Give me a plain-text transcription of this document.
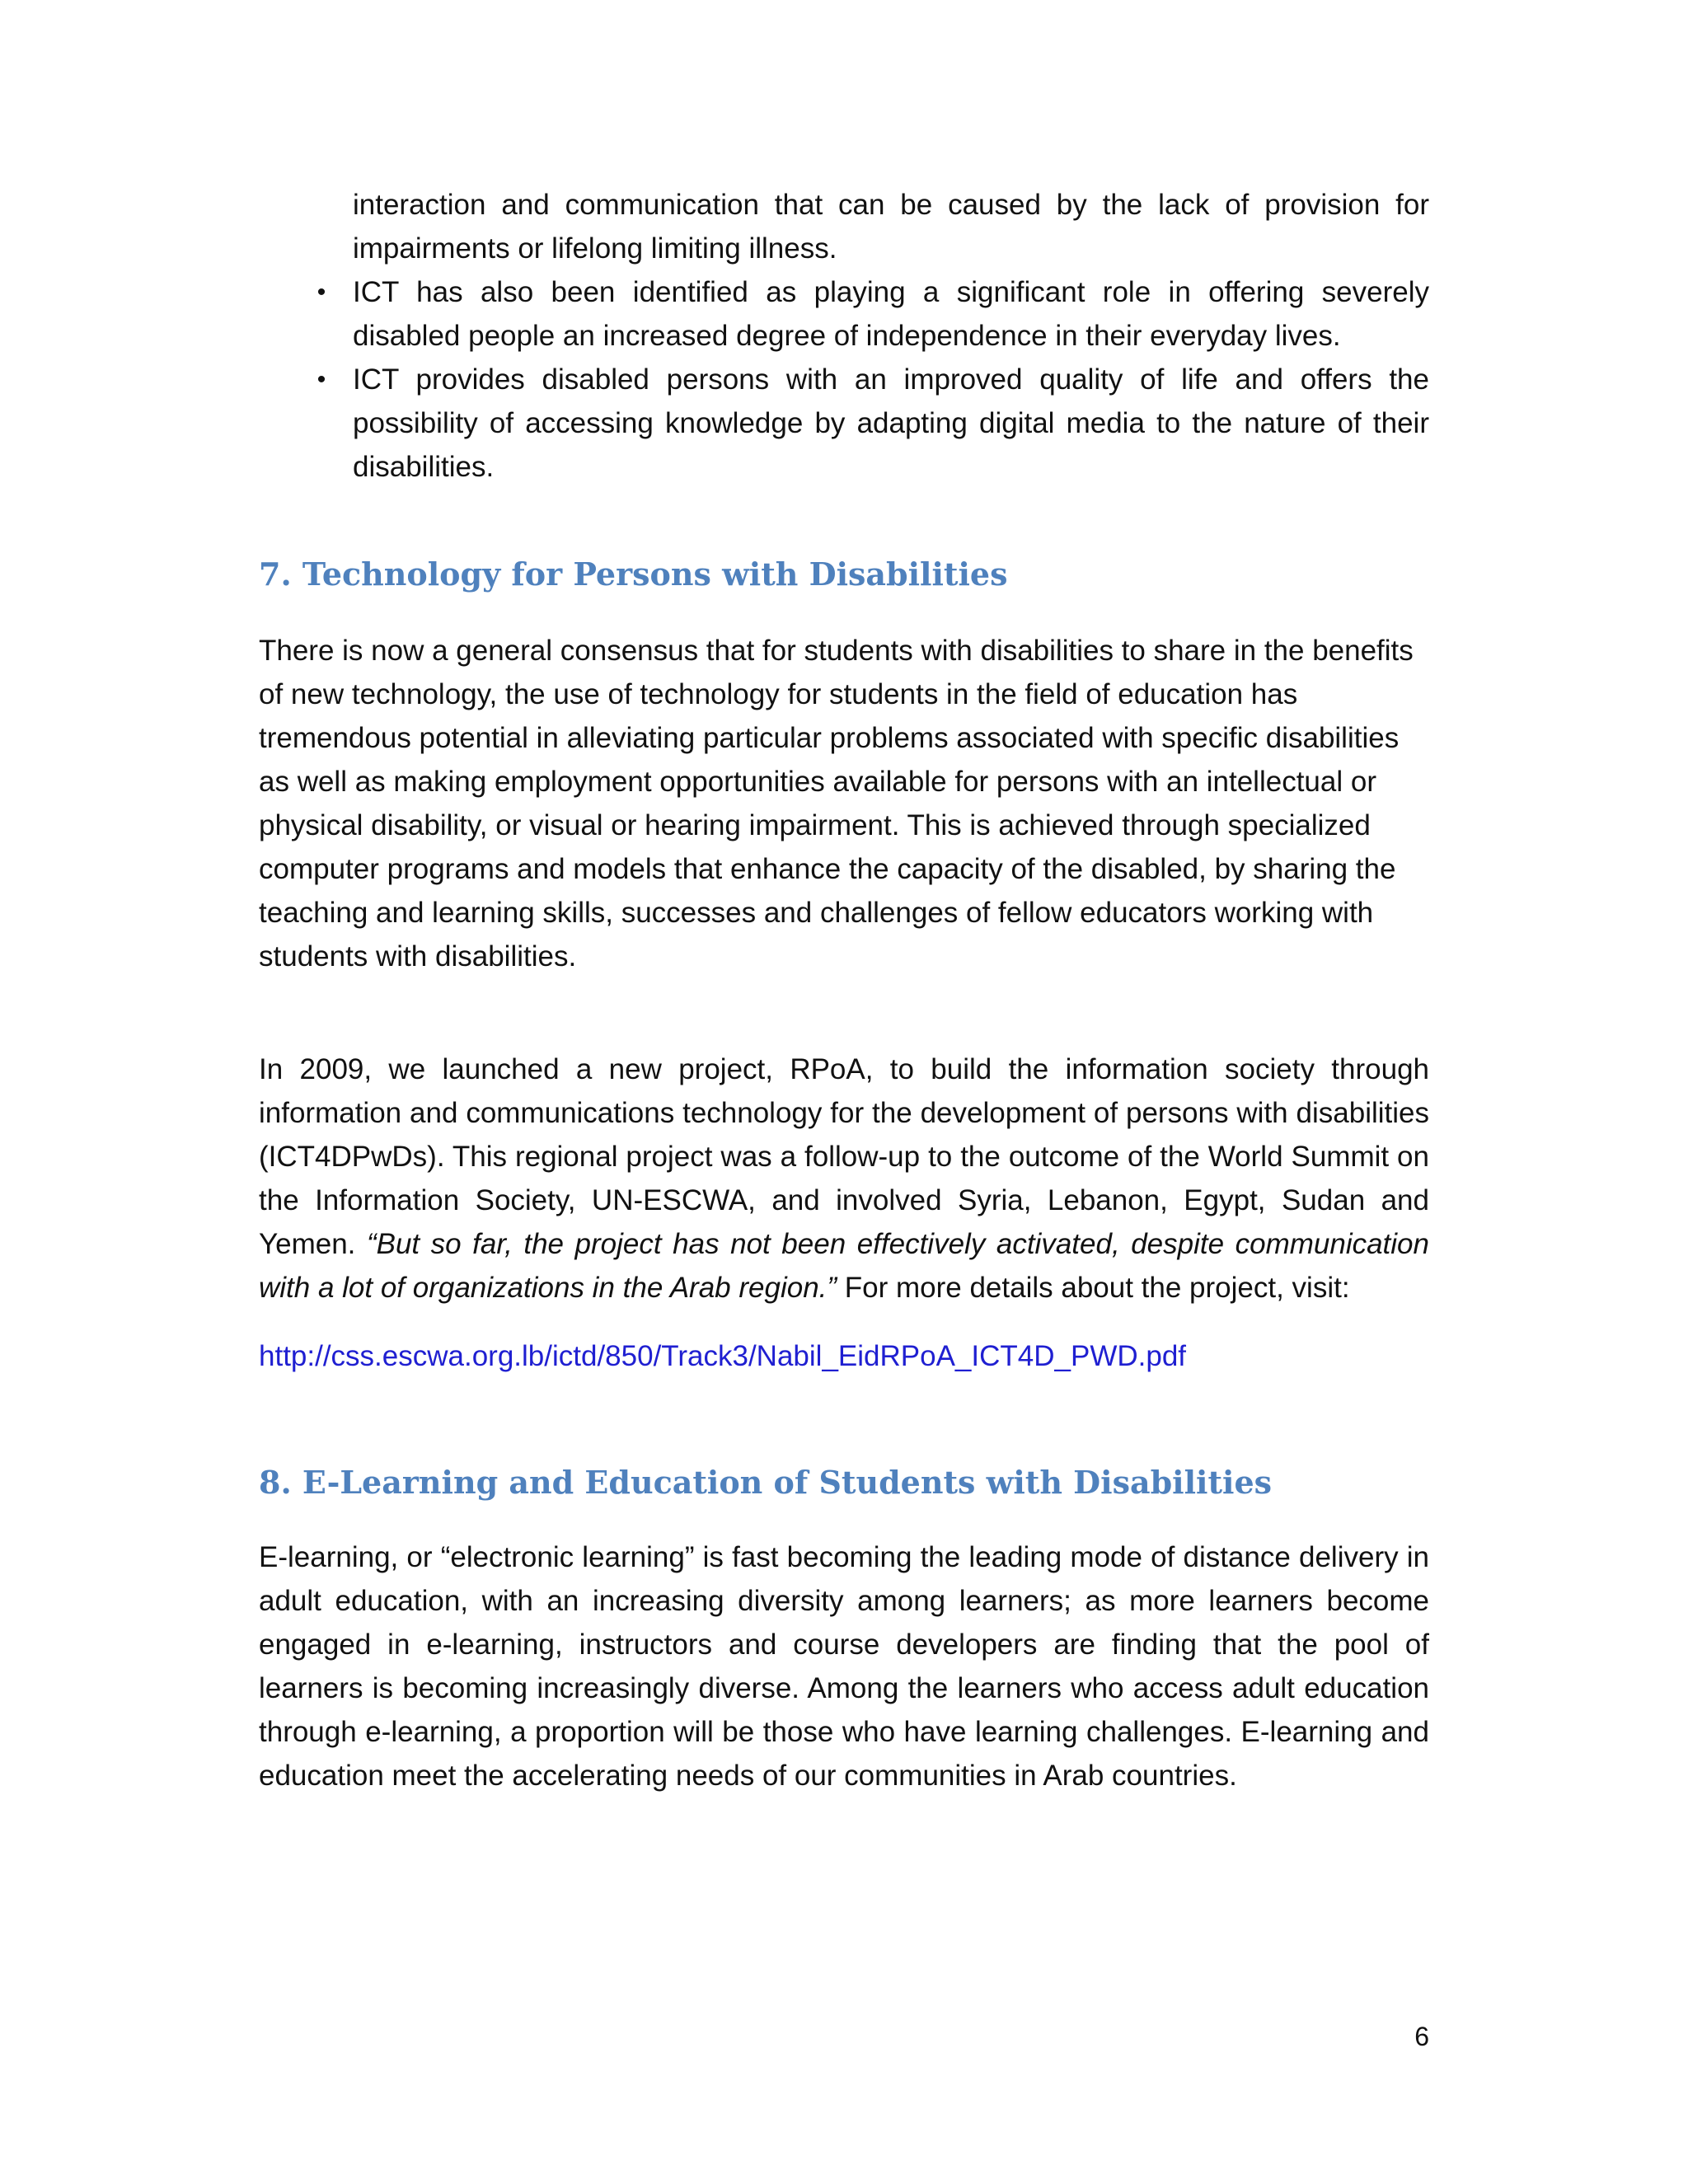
interaction and communication that can be caused by the lack of provision for impairments or lifelong limiting illness.

• ICT has also been identified as playing a significant role in offering severely disabled people an increased degree of independence in their everyday lives.
• ICT provides disabled persons with an improved quality of life and offers the possibility of accessing knowledge by adapting digital media to the nature of their disabilities.
7. Technology for Persons with Disabilities

There is now a general consensus that for students with disabilities to share in the benefits of new technology, the use of technology for students in the field of education has tremendous potential in alleviating particular problems associated with specific disabilities as well as making employment opportunities available for persons with an intellectual or physical disability, or visual or hearing impairment. This is achieved through specialized computer programs and models that enhance the capacity of the disabled, by sharing the teaching and learning skills, successes and challenges of fellow educators working with students with disabilities.

In 2009, we launched a new project, RPoA, to build the information society through information and communications technology for the development of persons with disabilities (ICT4DPwDs). This regional project was a follow-up to the outcome of the World Summit on the Information Society, UN-ESCWA, and involved Syria, Lebanon, Egypt, Sudan and Yemen. “But so far, the project has not been effectively activated, despite communication with a lot of organizations in the Arab region.” For more details about the project, visit:

http://css.escwa.org.lb/ictd/850/Track3/Nabil_EidRPoA_ICT4D_PWD.pdf

8. E-Learning and Education of Students with Disabilities

E-learning, or “electronic learning” is fast becoming the leading mode of distance delivery in adult education, with an increasing diversity among learners; as more learners become engaged in e-learning, instructors and course developers are finding that the pool of learners is becoming increasingly diverse. Among the learners who access adult education through e-learning, a proportion will be those who have learning challenges. E-learning and education meet the accelerating needs of our communities in Arab countries.

6
